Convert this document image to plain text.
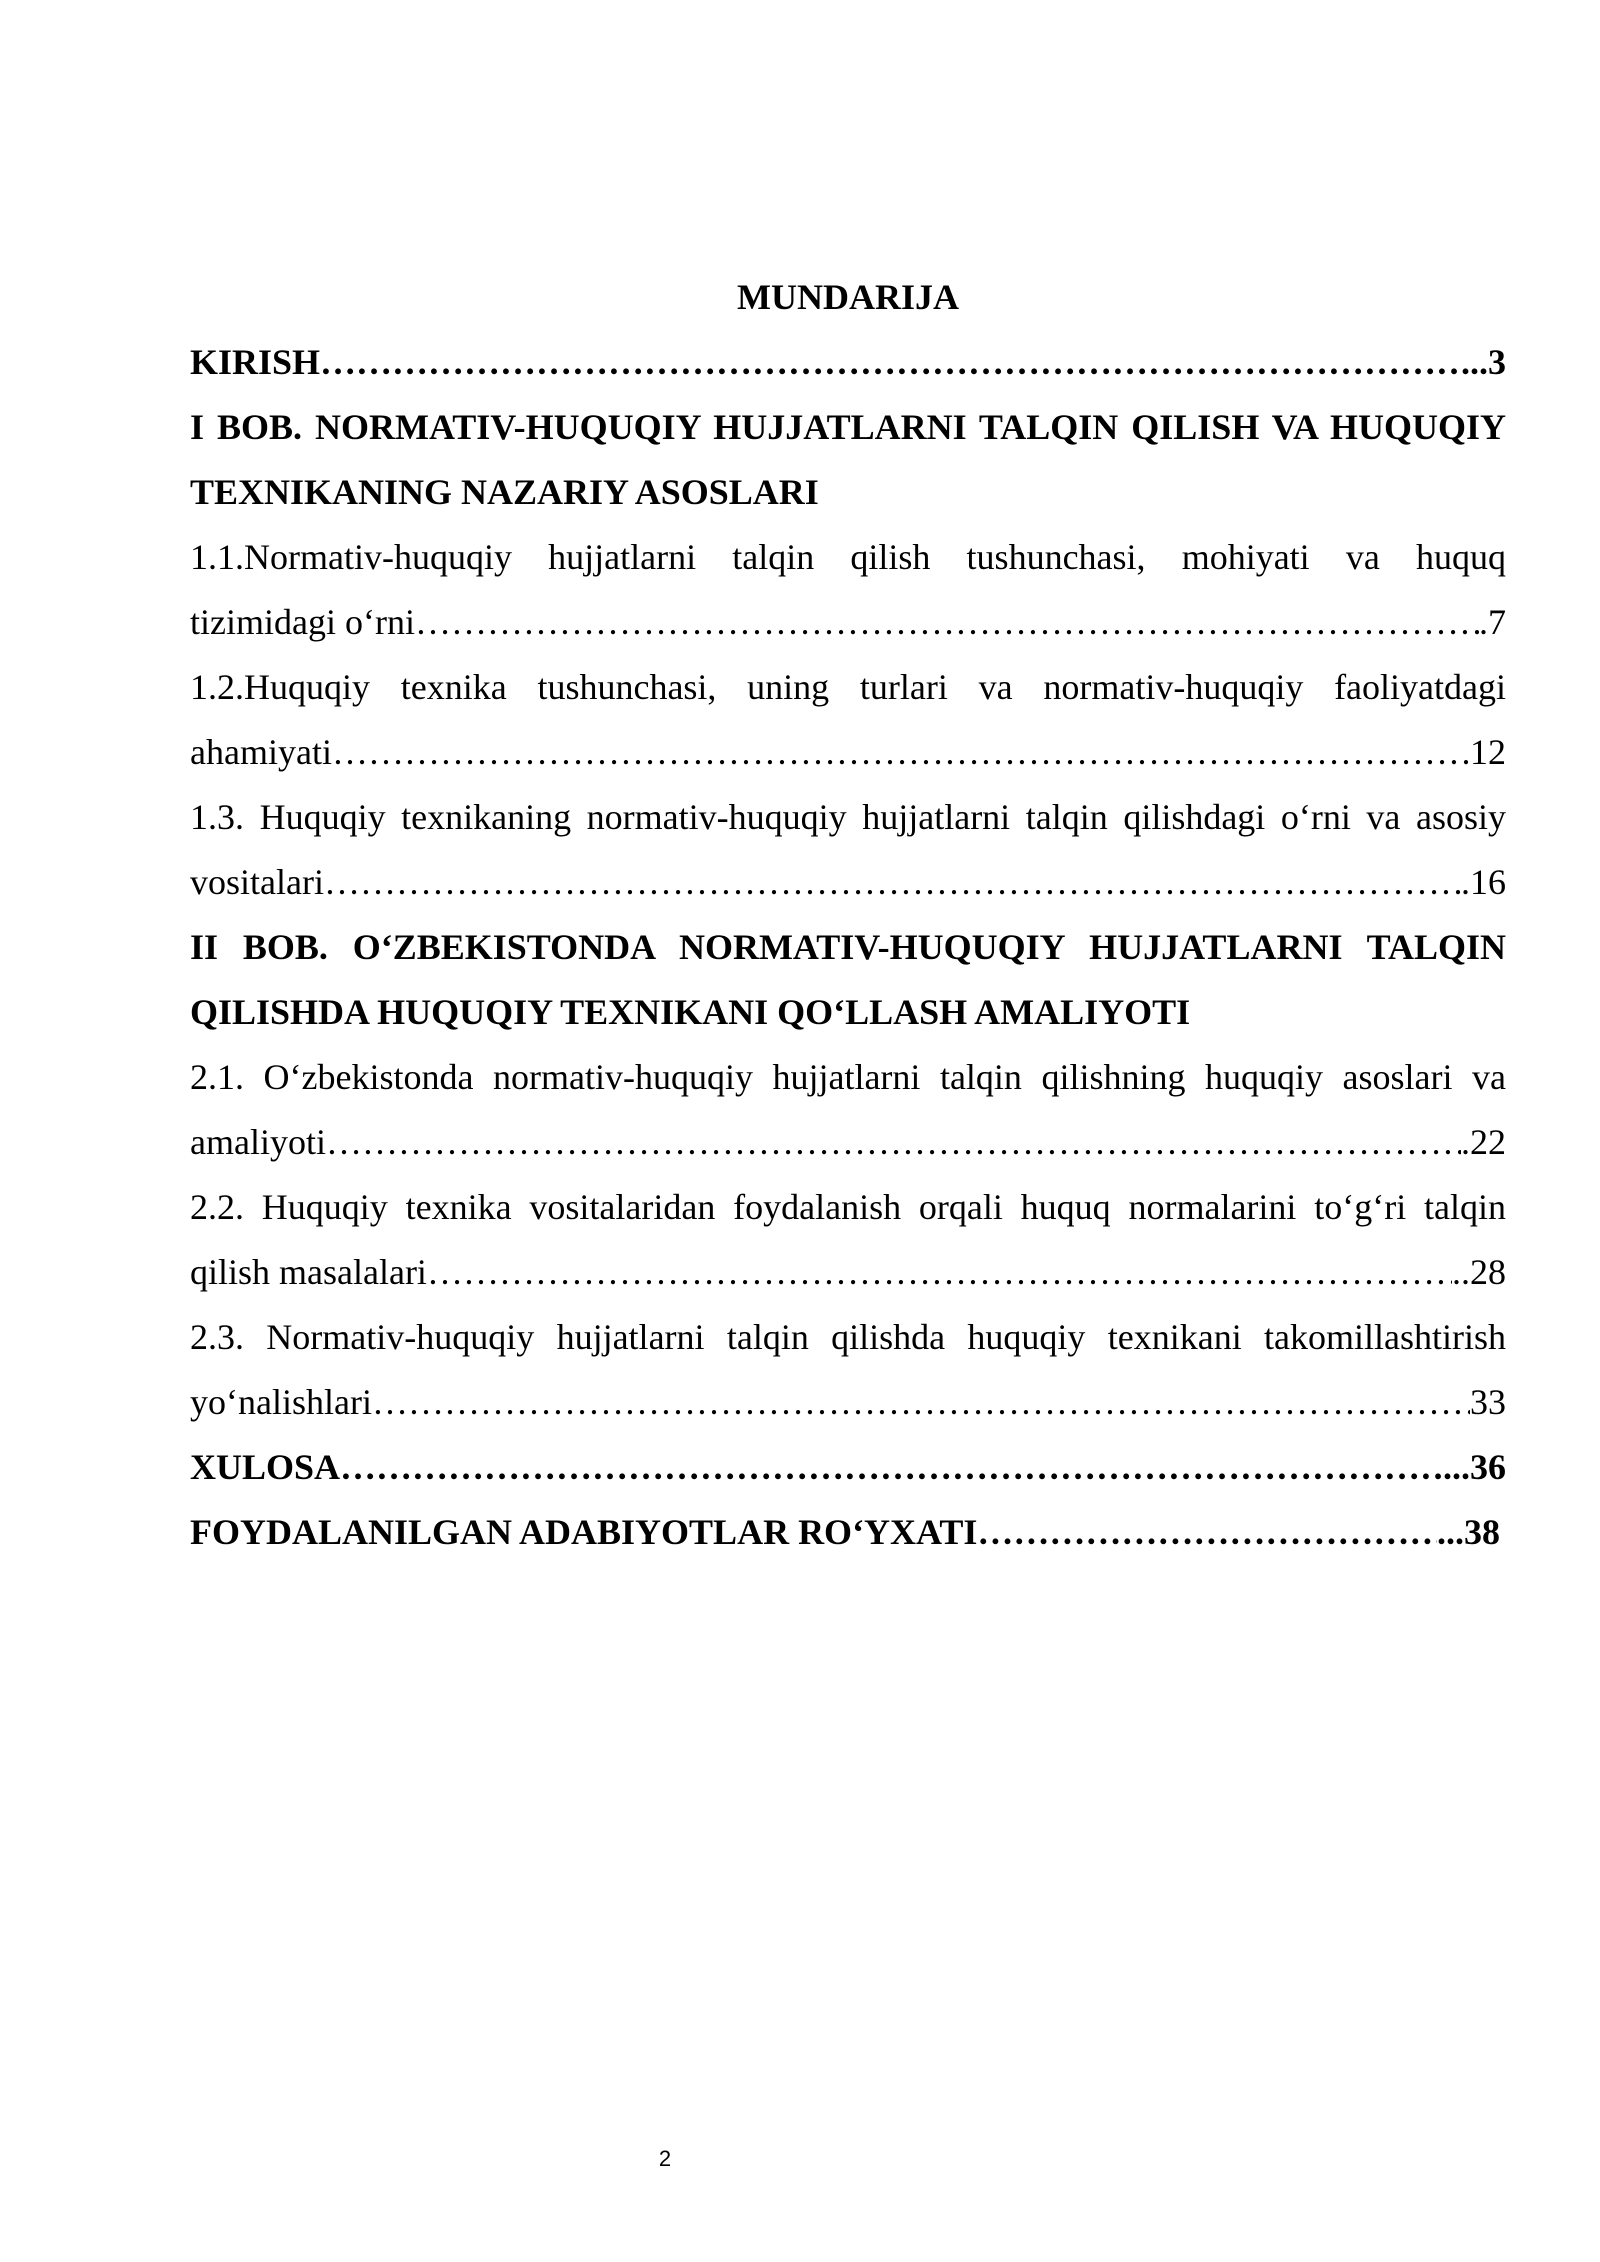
MUNDARIJA

KIRISH …………………………………………………………………………………………………………………………………………………………………………………………………………………………	...3

I BOB. NORMATIV-HUQUQIY HUJJATLARNI TALQIN QILISH VA HUQUQIY TEXNIKANING NAZARIY ASOSLARI

1.1.Normativ-huquqiy hujjatlarni talqin qilish tushunchasi, mohiyati va huquq

tizimidagi o‘rni …………………………………………………………………………………………………………………………………………………………………………………………………………………………	.7

1.2.Huquqiy texnika tushunchasi, uning turlari va normativ-huquqiy faoliyatdagi

ahamiyati …………………………………………………………………………………………………………………………………………………………………………………………………………………………	12

1.3. Huquqiy texnikaning normativ-huquqiy hujjatlarni talqin qilishdagi o‘rni va asosiy

vositalari …………………………………………………………………………………………………………………………………………………………………………………………………………………………	.16

II BOB. O‘ZBEKISTONDA NORMATIV-HUQUQIY HUJJATLARNI TALQIN QILISHDA HUQUQIY TEXNIKANI QO‘LLASH AMALIYOTI

2.1. O‘zbekistonda normativ-huquqiy hujjatlarni talqin qilishning huquqiy asoslari va

amaliyoti …………………………………………………………………………………………………………………………………………………………………………………………………………………………	.22

2.2. Huquqiy texnika vositalaridan foydalanish orqali huquq normalarini to‘g‘ri talqin

qilish masalalari …………………………………………………………………………………………………………………………………………………………………………………………………………………………	..28

2.3. Normativ-huquqiy hujjatlarni talqin qilishda huquqiy texnikani takomillashtirish

yo‘nalishlari …………………………………………………………………………………………………………………………………………………………………………………………………………………………	33
XULOSA …………………………………………………………………………………………………………………………………………………………………………………………………………………………	...36
FOYDALANILGAN ADABIYOTLAR RO‘YXATI …………………………………………………………………………………………………………………………………………………………………………………………………………………………	...38
2
